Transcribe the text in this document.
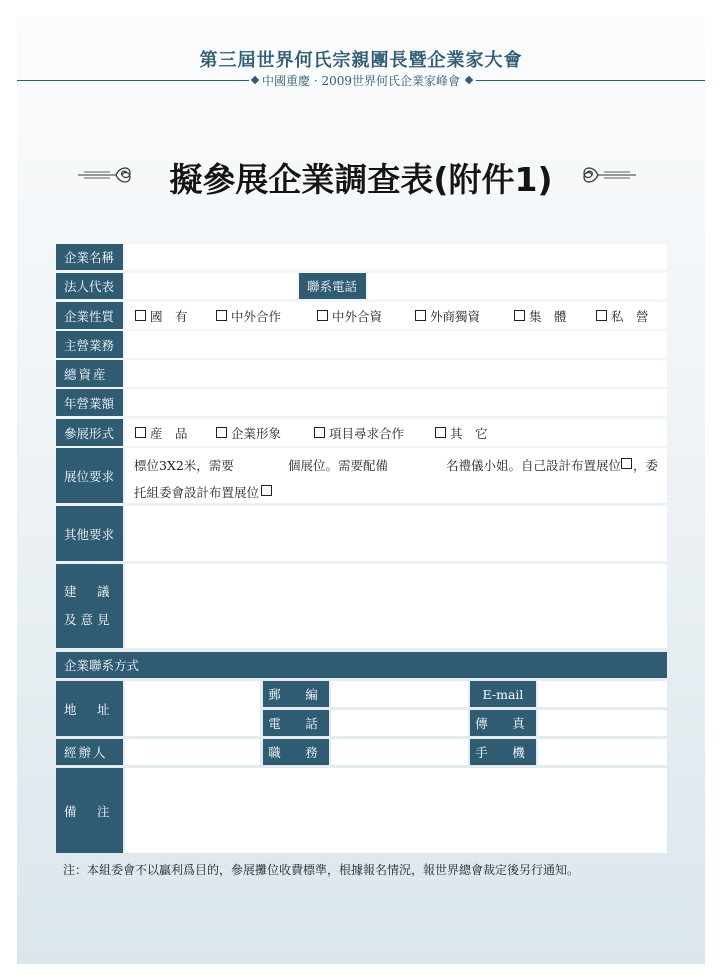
第三屆世界何氏宗親團長暨企業家大會
中國重慶 · 2009世界何氏企業家峰會
擬參展企業調查表(附件1)
企業名稱
法人代表	聯系電話
企業性質	國　有	中外合作	中外合資	外商獨資	集　體	私　營
主營業務
總資産
年營業額
參展形式	産　品	企業形象	項目尋求合作	其　它
展位要求
標位3X2米，需要	個展位。需要配備	名禮儀小姐。自己設計布置展位 ，委
托組委會設計布置展位
其他要求
建　議
及意見
企業聯系方式
地　址
郵　編	E-mail
電　話	傳　真
經辦人	職　務	手　機
備　注
注：本組委會不以贏利爲目的，參展攤位收費標準，根據報名情況，報世界總會裁定後另行通知。
